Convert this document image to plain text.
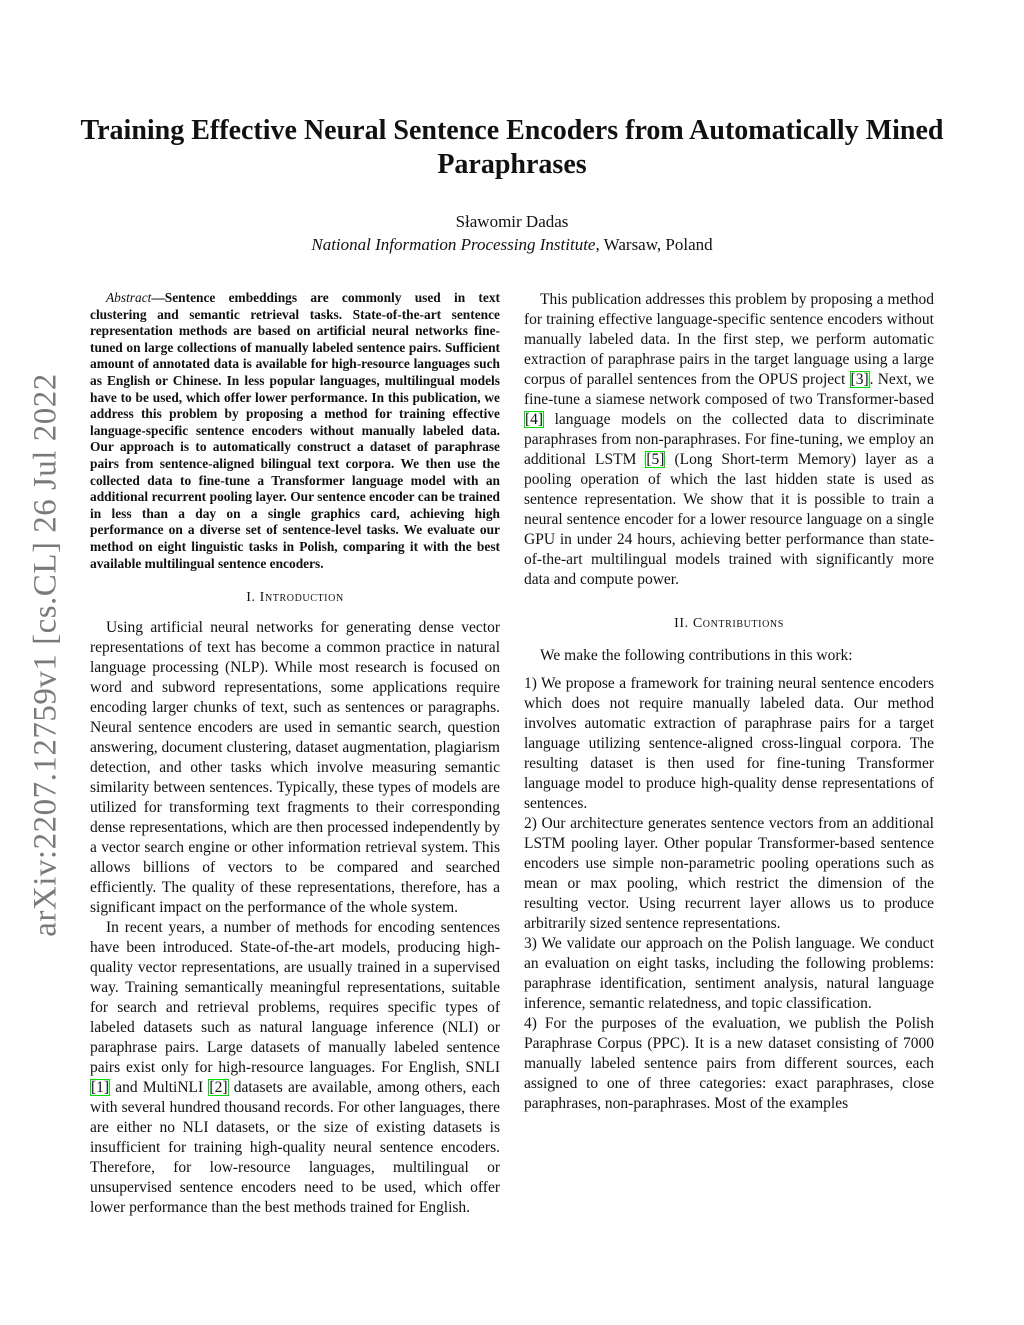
arXiv:2207.12759v1 [cs.CL] 26 Jul 2022
Training Effective Neural Sentence Encoders from Automatically Mined Paraphrases
Sławomir Dadas
National Information Processing Institute, Warsaw, Poland

Abstract—Sentence embeddings are commonly used in text clustering and semantic retrieval tasks. State-of-the-art sentence representation methods are based on artificial neural networks fine-tuned on large collections of manually labeled sentence pairs. Sufficient amount of annotated data is available for high-resource languages such as English or Chinese. In less popular languages, multilingual models have to be used, which offer lower performance. In this publication, we address this problem by proposing a method for training effective language-specific sentence encoders without manually labeled data. Our approach is to automatically construct a dataset of paraphrase pairs from sentence-aligned bilingual text corpora. We then use the collected data to fine-tune a Transformer language model with an additional recurrent pooling layer. Our sentence encoder can be trained in less than a day on a single graphics card, achieving high performance on a diverse set of sentence-level tasks. We evaluate our method on eight linguistic tasks in Polish, comparing it with the best available multilingual sentence encoders.

I. Introduction

Using artificial neural networks for generating dense vector representations of text has become a common practice in natural language processing (NLP). While most research is focused on word and subword representations, some applications require encoding larger chunks of text, such as sentences or paragraphs. Neural sentence encoders are used in semantic search, question answering, document clustering, dataset augmentation, plagiarism detection, and other tasks which involve measuring semantic similarity between sentences. Typically, these types of models are utilized for transforming text fragments to their corresponding dense representations, which are then processed independently by a vector search engine or other information retrieval system. This allows billions of vectors to be compared and searched efficiently. The quality of these representations, therefore, has a significant impact on the performance of the whole system.

In recent years, a number of methods for encoding sentences have been introduced. State-of-the-art models, producing high-quality vector representations, are usually trained in a supervised way. Training semantically meaningful representations, suitable for search and retrieval problems, requires specific types of labeled datasets such as natural language inference (NLI) or paraphrase pairs. Large datasets of manually labeled sentence pairs exist only for high-resource languages. For English, SNLI [1] and MultiNLI [2] datasets are available, among others, each with several hundred thousand records. For other languages, there are either no NLI datasets, or the size of existing datasets is insufficient for training high-quality neural sentence encoders. Therefore, for low-resource languages, multilingual or unsupervised sentence encoders need to be used, which offer lower performance than the best methods trained for English.

This publication addresses this problem by proposing a method for training effective language-specific sentence encoders without manually labeled data. In the first step, we perform automatic extraction of paraphrase pairs in the target language using a large corpus of parallel sentences from the OPUS project [3]. Next, we fine-tune a siamese network composed of two Transformer-based [4] language models on the collected data to discriminate paraphrases from non-paraphrases. For fine-tuning, we employ an additional LSTM [5] (Long Short-term Memory) layer as a pooling operation of which the last hidden state is used as sentence representation. We show that it is possible to train a neural sentence encoder for a lower resource language on a single GPU in under 24 hours, achieving better performance than state-of-the-art multilingual models trained with significantly more data and compute power.

II. Contributions

We make the following contributions in this work:

1) We propose a framework for training neural sentence encoders which does not require manually labeled data. Our method involves automatic extraction of paraphrase pairs for a target language utilizing sentence-aligned cross-lingual corpora. The resulting dataset is then used for fine-tuning Transformer language model to produce high-quality dense representations of sentences.

2) Our architecture generates sentence vectors from an additional LSTM pooling layer. Other popular Transformer-based sentence encoders use simple non-parametric pooling operations such as mean or max pooling, which restrict the dimension of the resulting vector. Using recurrent layer allows us to produce arbitrarily sized sentence representations.

3) We validate our approach on the Polish language. We conduct an evaluation on eight tasks, including the following problems: paraphrase identification, sentiment analysis, natural language inference, semantic relatedness, and topic classification.

4) For the purposes of the evaluation, we publish the Polish Paraphrase Corpus (PPC). It is a new dataset consisting of 7000 manually labeled sentence pairs from different sources, each assigned to one of three categories: exact paraphrases, close paraphrases, non-paraphrases. Most of the examples
